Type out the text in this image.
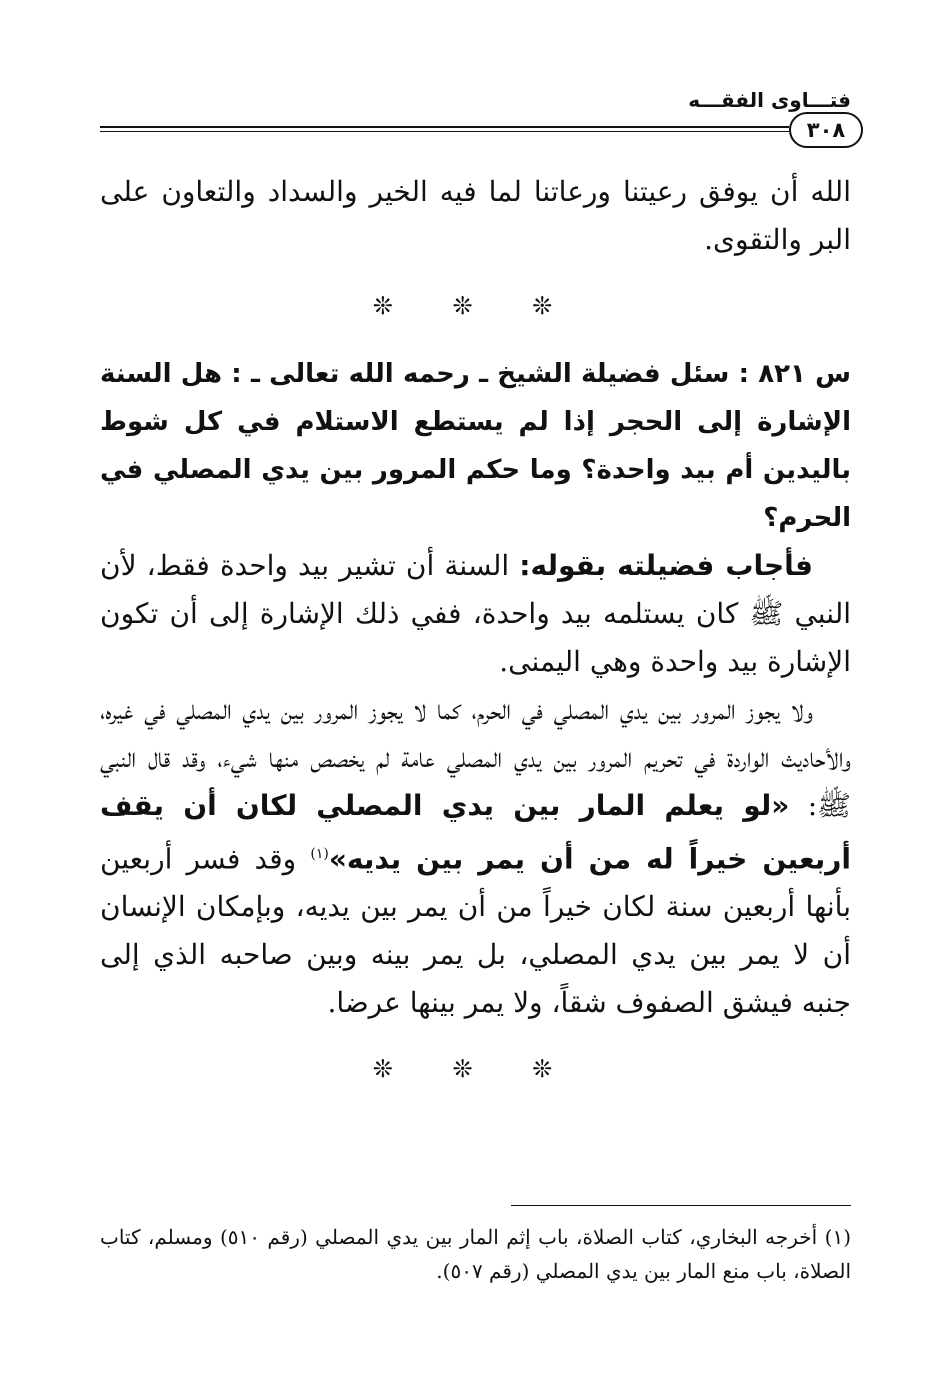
فتـــاوى الفقـــه
٣٠٨

الله أن يوفق رعيتنا ورعاتنا لما فيه الخير والسداد والتعاون على البر والتقوى.

❊ ❊ ❊

س ٨٢١ : سئل فضيلة الشيخ ـ رحمه الله تعالى ـ : هل السنة الإشارة إلى الحجر إذا لم يستطع الاستلام في كل شوط باليدين أم بيد واحدة؟ وما حكم المرور بين يدي المصلي في الحرم؟

فأجاب فضيلته بقوله: السنة أن تشير بيد واحدة فقط، لأن النبي ﷺ كان يستلمه بيد واحدة، ففي ذلك الإشارة إلى أن تكون الإشارة بيد واحدة وهي اليمنى.

ولا يجوز المرور بين يدي المصلي في الحرم، كما لا يجوز المرور بين يدي المصلي في غيره، والأحاديث الواردة في تحريم المرور بين يدي المصلي عامة لم يخصص منها شيء، وقد قال النبي ﷺ: «لو يعلم المار بين يدي المصلي لكان أن يقف أربعين خيراً له من أن يمر بين يديه»$^{(١)}$ وقد فسر أربعين بأنها أربعين سنة لكان خيراً من أن يمر بين يديه، وبإمكان الإنسان أن لا يمر بين يدي المصلي، بل يمر بينه وبين صاحبه الذي إلى جنبه فيشق الصفوف شقاً، ولا يمر بينها عرضا.

❊ ❊ ❊

(١) أخرجه البخاري، كتاب الصلاة، باب إثم المار بين يدي المصلي (رقم ٥١٠) ومسلم، كتاب الصلاة، باب منع المار بين يدي المصلي (رقم ٥٠٧).
